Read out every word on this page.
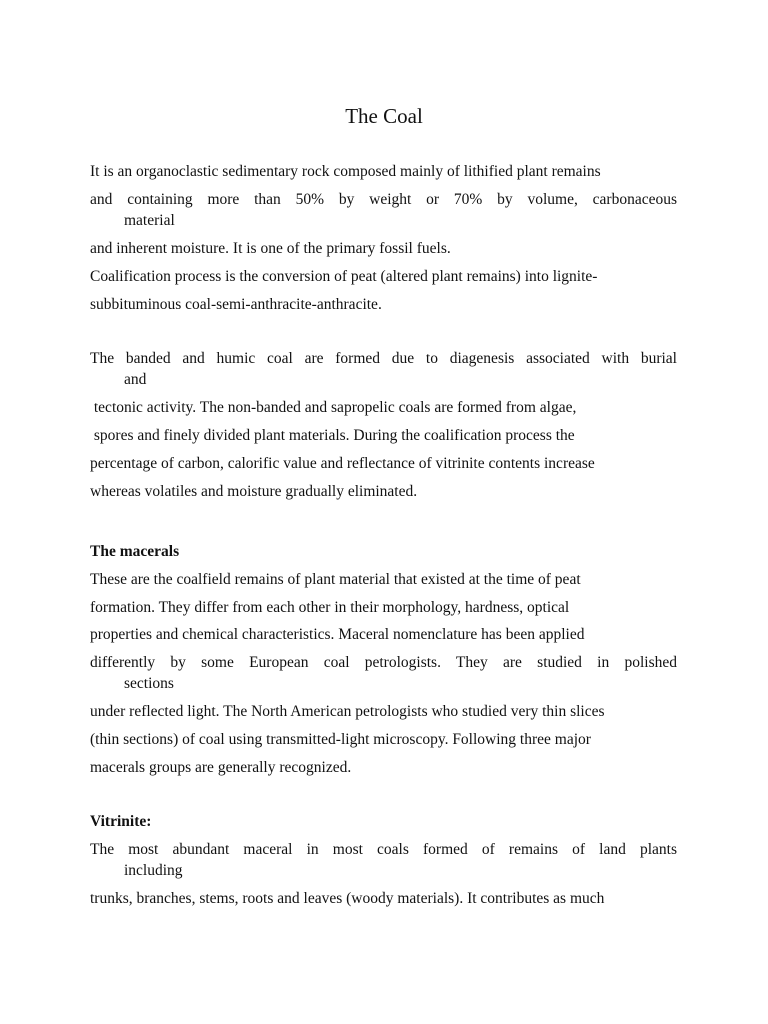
The Coal

It is an organoclastic sedimentary rock composed mainly of lithified plant remains

and containing more than 50% by weight or 70% by volume, carbonaceous

material

and inherent moisture. It is one of the primary fossil fuels.

Coalification process is the conversion of peat (altered plant remains) into lignite-

subbituminous coal-semi-anthracite-anthracite.

The banded and humic coal are formed due to diagenesis associated with burial

and

tectonic activity. The non-banded and sapropelic coals are formed from algae,

spores and finely divided plant materials. During the coalification process the

percentage of carbon, calorific value and reflectance of vitrinite contents increase

whereas volatiles and moisture gradually eliminated.

The macerals

These are the coalfield remains of plant material that existed at the time of peat

formation. They differ from each other in their morphology, hardness, optical

properties and chemical characteristics. Maceral nomenclature has been applied

differently by some European coal petrologists. They are studied in polished

sections

under reflected light. The North American petrologists who studied very thin slices

(thin sections) of coal using transmitted-light microscopy. Following three major

macerals groups are generally recognized.

Vitrinite:

The most abundant maceral in most coals formed of remains of land plants

including

trunks, branches, stems, roots and leaves (woody materials). It contributes as much
